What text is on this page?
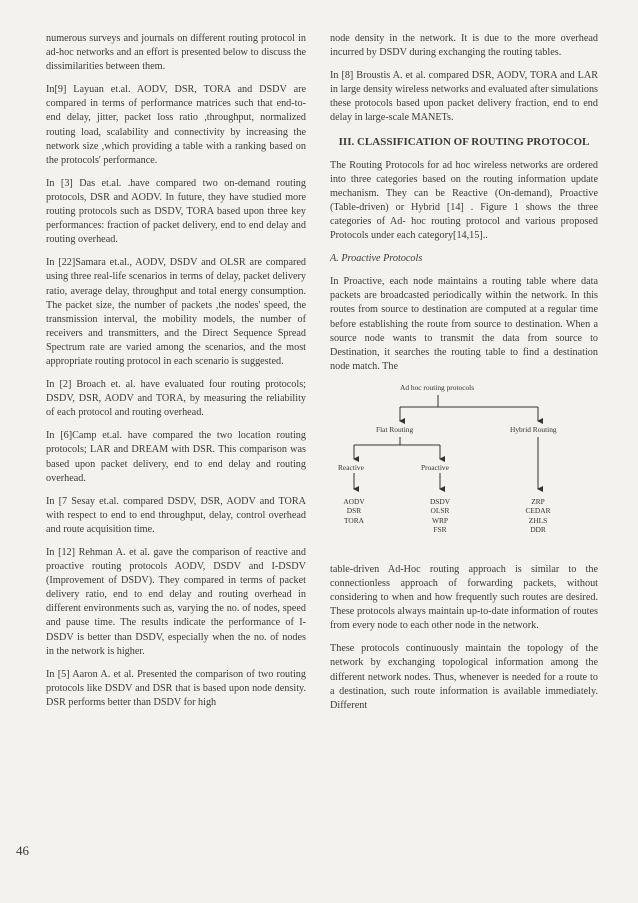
numerous surveys and journals on different routing protocol in ad-hoc networks and an effort is presented below to discuss the dissimilarities between them.

In[9] Layuan et.al. AODV, DSR, TORA and DSDV are compared in terms of performance matrices such that end-to-end delay, jitter, packet loss ratio ,throughput, normalized routing load, scalability and connectivity by increasing the network size ,which providing a table with a ranking based on the protocols' performance.

In [3] Das et.al. .have compared two on-demand routing protocols, DSR and AODV. In future, they have studied more routing protocols such as DSDV, TORA based upon three key performances: fraction of packet delivery, end to end delay and routing overhead.

In [22]Samara et.al., AODV, DSDV and OLSR are compared using three real-life scenarios in terms of delay, packet delivery ratio, average delay, throughput and total energy consumption. The packet size, the number of packets ,the nodes' speed, the transmission interval, the mobility models, the number of receivers and transmitters, and the Direct Sequence Spread Spectrum rate are varied among the scenarios, and the most appropriate routing protocol in each scenario is suggested.

In [2] Broach et. al. have evaluated four routing protocols; DSDV, DSR, AODV and TORA, by measuring the reliability of each protocol and routing overhead.

In [6]Camp et.al. have compared the two location routing protocols; LAR and DREAM with DSR. This comparison was based upon packet delivery, end to end delay and routing overhead.

In [7 Sesay et.al. compared DSDV, DSR, AODV and TORA with respect to end to end throughput, delay, control overhead and route acquisition time.

In [12] Rehman A. et al. gave the comparison of reactive and proactive routing protocols AODV, DSDV and I-DSDV (Improvement of DSDV). They compared in terms of packet delivery ratio, end to end delay and routing overhead in different environments such as, varying the no. of nodes, speed and pause time. The results indicate the performance of I-DSDV is better than DSDV, especially when the no. of nodes in the network is higher.

In [5] Aaron A. et al. Presented the comparison of two routing protocols like DSDV and DSR that is based upon node density. DSR performs better than DSDV for high

node density in the network. It is due to the more overhead incurred by DSDV during exchanging the routing tables.

In [8] Broustis A. et al. compared DSR, AODV, TORA and LAR in large density wireless networks and evaluated after simulations these protocols based upon packet delivery fraction, end to end delay in large-scale MANETs.

III. CLASSIFICATION OF ROUTING PROTOCOL

The Routing Protocols for ad hoc wireless networks are ordered into three categories based on the routing information update mechanism. They can be Reactive (On-demand), Proactive (Table-driven) or Hybrid [14] . Figure 1 shows the three categories of Ad- hoc routing protocol and various proposed Protocols under each category[14,15]..

A. Proactive Protocols

In Proactive, each node maintains a routing table where data packets are broadcasted periodically within the network. In this routes from source to destination are computed at a regular time before establishing the route from source to destination. When a source node wants to transmit the data from source to Destination, it searches the routing table to find a destination node match. The

Ad hoc routing protocols
Flat Routing	Hybrid Routing
Reactive	Proactive
AODV
DSR
TORA
DSDV
OLSR
WRP
FSR
ZRP
CEDAR
ZHLS
DDR

table-driven Ad-Hoc routing approach is similar to the connectionless approach of forwarding packets, without considering to when and how frequently such routes are desired. These protocols always maintain up-to-date information of routes from every node to each other node in the network.

These protocols continuously maintain the topology of the network by exchanging topological information among the different network nodes. Thus, whenever is needed for a route to a destination, such route information is available immediately. Different

46
